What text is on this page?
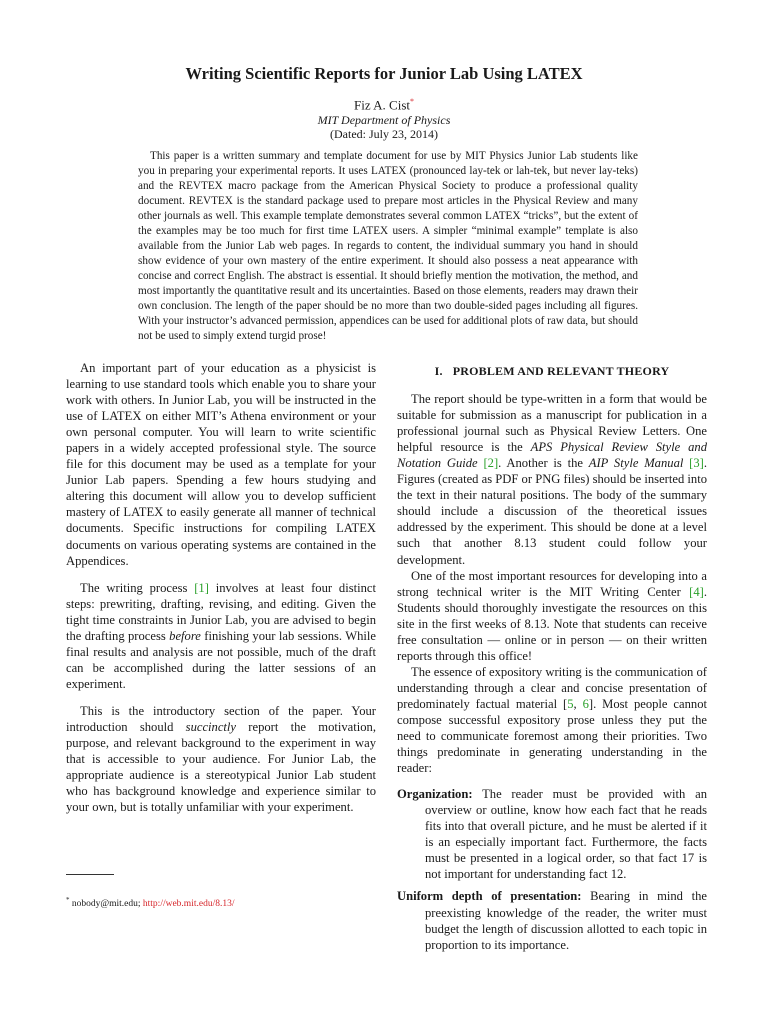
Writing Scientific Reports for Junior Lab Using LATEX
Fiz A. Cist*
MIT Department of Physics
(Dated: July 23, 2014)

This paper is a written summary and template document for use by MIT Physics Junior Lab students like you in preparing your experimental reports. It uses LATEX (pronounced lay-tek or lah-tek, but never lay-teks) and the REVTEX macro package from the American Physical Society to produce a professional quality document. REVTEX is the standard package used to prepare most articles in the Physical Review and many other journals as well. This example template demonstrates several common LATEX “tricks”, but the extent of the examples may be too much for first time LATEX users. A simpler “minimal example” template is also available from the Junior Lab web pages. In regards to content, the individual summary you hand in should show evidence of your own mastery of the entire experiment. It should also possess a neat appearance with concise and correct English. The abstract is essential. It should briefly mention the motivation, the method, and most importantly the quantitative result and its uncertainties. Based on those elements, readers may drawn their own conclusion. The length of the paper should be no more than two double-sided pages including all figures. With your instructor’s advanced permission, appendices can be used for additional plots of raw data, but should not be used to simply extend turgid prose!

An important part of your education as a physicist is learning to use standard tools which enable you to share your work with others. In Junior Lab, you will be instructed in the use of LATEX on either MIT’s Athena environment or your own personal computer. You will learn to write scientific papers in a widely accepted professional style. The source file for this document may be used as a template for your Junior Lab papers. Spending a few hours studying and altering this document will allow you to develop sufficient mastery of LATEX to easily generate all manner of technical documents. Specific instructions for compiling LATEX documents on various operating systems are contained in the Appendices.

The writing process [1] involves at least four distinct steps: prewriting, drafting, revising, and editing. Given the tight time constraints in Junior Lab, you are advised to begin the drafting process before finishing your lab sessions. While final results and analysis are not possible, much of the draft can be accomplished during the latter sessions of an experiment.

This is the introductory section of the paper. Your introduction should succinctly report the motivation, purpose, and relevant background to the experiment in way that is accessible to your audience. For Junior Lab, the appropriate audience is a stereotypical Junior Lab student who has background knowledge and experience similar to your own, but is totally unfamiliar with your experiment.

* nobody@mit.edu; http://web.mit.edu/8.13/
I. PROBLEM AND RELEVANT THEORY

The report should be type-written in a form that would be suitable for submission as a manuscript for publication in a professional journal such as Physical Review Letters. One helpful resource is the APS Physical Review Style and Notation Guide [2]. Another is the AIP Style Manual [3]. Figures (created as PDF or PNG files) should be inserted into the text in their natural positions. The body of the summary should include a discussion of the theoretical issues addressed by the experiment. This should be done at a level such that another 8.13 student could follow your development.

One of the most important resources for developing into a strong technical writer is the MIT Writing Center [4]. Students should thoroughly investigate the resources on this site in the first weeks of 8.13. Note that students can receive free consultation — online or in person — on their written reports through this office!

The essence of expository writing is the communication of understanding through a clear and concise presentation of predominately factual material [5, 6]. Most people cannot compose successful expository prose unless they put the need to communicate foremost among their priorities. Two things predominate in generating understanding in the reader:

Organization: The reader must be provided with an overview or outline, know how each fact that he reads fits into that overall picture, and he must be alerted if it is an especially important fact. Furthermore, the facts must be presented in a logical order, so that fact 17 is not important for understanding fact 12.
Uniform depth of presentation: Bearing in mind the preexisting knowledge of the reader, the writer must budget the length of discussion allotted to each topic in proportion to its importance.
